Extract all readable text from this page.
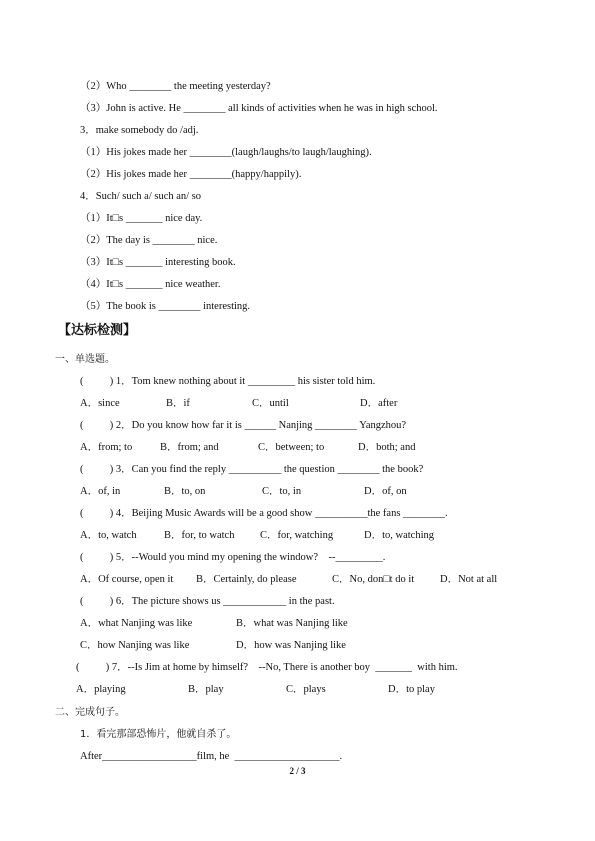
（2）Who ________ the meeting yesterday?
（3）John is active. He ________ all kinds of activities when he was in high school.
3．make somebody do /adj.
（1）His jokes made her ________(laugh/laughs/to laugh/laughing).
（2）His jokes made her ________(happy/happily).
4．Such/ such a/ such an/ so
（1）It□s _______ nice day.
（2）The day is ________ nice.
（3）It□s _______ interesting book.
（4）It□s _______ nice weather.
（5）The book is ________ interesting.
【达标检测】
一、单选题。
(          ) 1．Tom knew nothing about it _________ his sister told him.
A．since	B．if	C．until	D．after
(          ) 2．Do you know how far it is ______ Nanjing ________ Yangzhou?
A．from; to	B．from; and	C．between; to	D．both; and
(          ) 3．Can you find the reply __________ the question ________ the book?
A．of, in	B．to, on	C．to, in	D．of, on
(          ) 4．Beijing Music Awards will be a good show __________the fans ________.
A．to, watch	B．for, to watch C．for, watching	D．to, watching
(          ) 5．--Would you mind my opening the window?    --_________.
A．Of course, open it B．Certainly, do please	C．No, don□t do it D．Not at all
(          ) 6．The picture shows us ____________ in the past.
A．what Nanjing was like	B．what was Nanjing like
C．how Nanjing was like	D．how was Nanjing like
(          ) 7．--Is Jim at home by himself?    --No, There is another boy  _______  with him.
A．playing	B．play	C．plays	D．to play
二、完成句子。
1．看完那部恐怖片，他就自杀了。
After__________________film, he  ____________________.
2 / 3
